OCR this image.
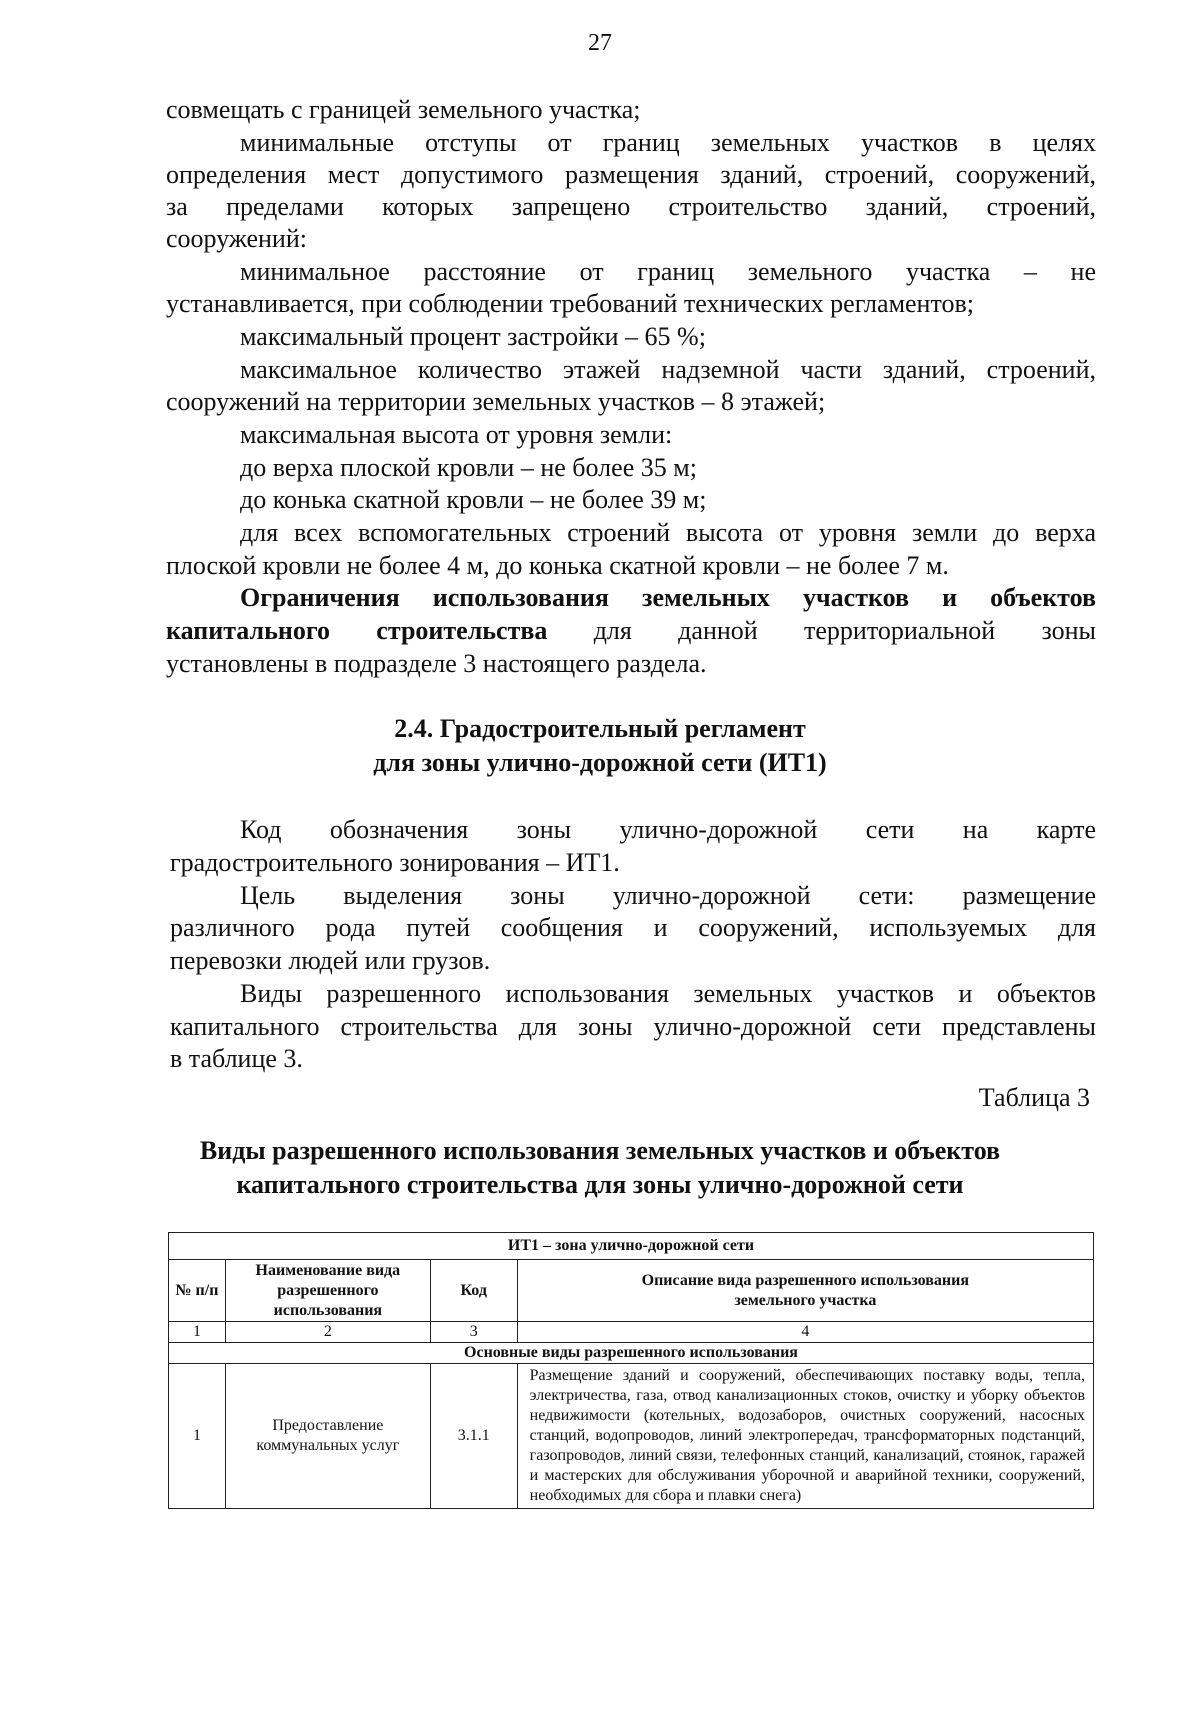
27
совмещать с границей земельного участка;
минимальные отступы от границ земельных участков в целях
определения мест допустимого размещения зданий, строений, сооружений,
за пределами которых запрещено строительство зданий, строений,
сооружений:
минимальное расстояние от границ земельного участка – не
устанавливается, при соблюдении требований технических регламентов;
максимальный процент застройки – 65 %;
максимальное количество этажей надземной части зданий, строений,
сооружений на территории земельных участков – 8 этажей;
максимальная высота от уровня земли:
до верха плоской кровли – не более 35 м;
до конька скатной кровли – не более 39 м;
для всех вспомогательных строений высота от уровня земли до верха
плоской кровли не более 4 м, до конька скатной кровли – не более 7 м.
Ограничения использования земельных участков и объектов
капитального строительства для данной территориальной зоны
установлены в подразделе 3 настоящего раздела.
2.4. Градостроительный регламент
для зоны улично-дорожной сети (ИТ1)
Код обозначения зоны улично-дорожной сети на карте
градостроительного зонирования – ИТ1.
Цель выделения зоны улично-дорожной сети: размещение
различного рода путей сообщения и сооружений, используемых для
перевозки людей или грузов.
Виды разрешенного использования земельных участков и объектов
капитального строительства для зоны улично-дорожной сети представлены
в таблице 3.
Таблица 3
Виды разрешенного использования земельных участков и объектов
капитального строительства для зоны улично-дорожной сети
ИТ1 – зона улично-дорожной сети			
№ п/п	Наименование вида разрешенного использования	Код	Описание вида разрешенного использования земельного участка
1	2	3	4
Основные виды разрешенного использования			
1	Предоставление коммунальных услуг	3.1.1	Размещение зданий и сооружений, обеспечивающих поставку воды, тепла, электричества, газа, отвод канализационных стоков, очистку и уборку объектов недвижимости (котельных, водозаборов, очистных сооружений, насосных станций, водопроводов, линий электропередач, трансформаторных подстанций, газопроводов, линий связи, телефонных станций, канализаций, стоянок, гаражей и мастерских для обслуживания уборочной и аварийной техники, сооружений, необходимых для сбора и плавки снега)
